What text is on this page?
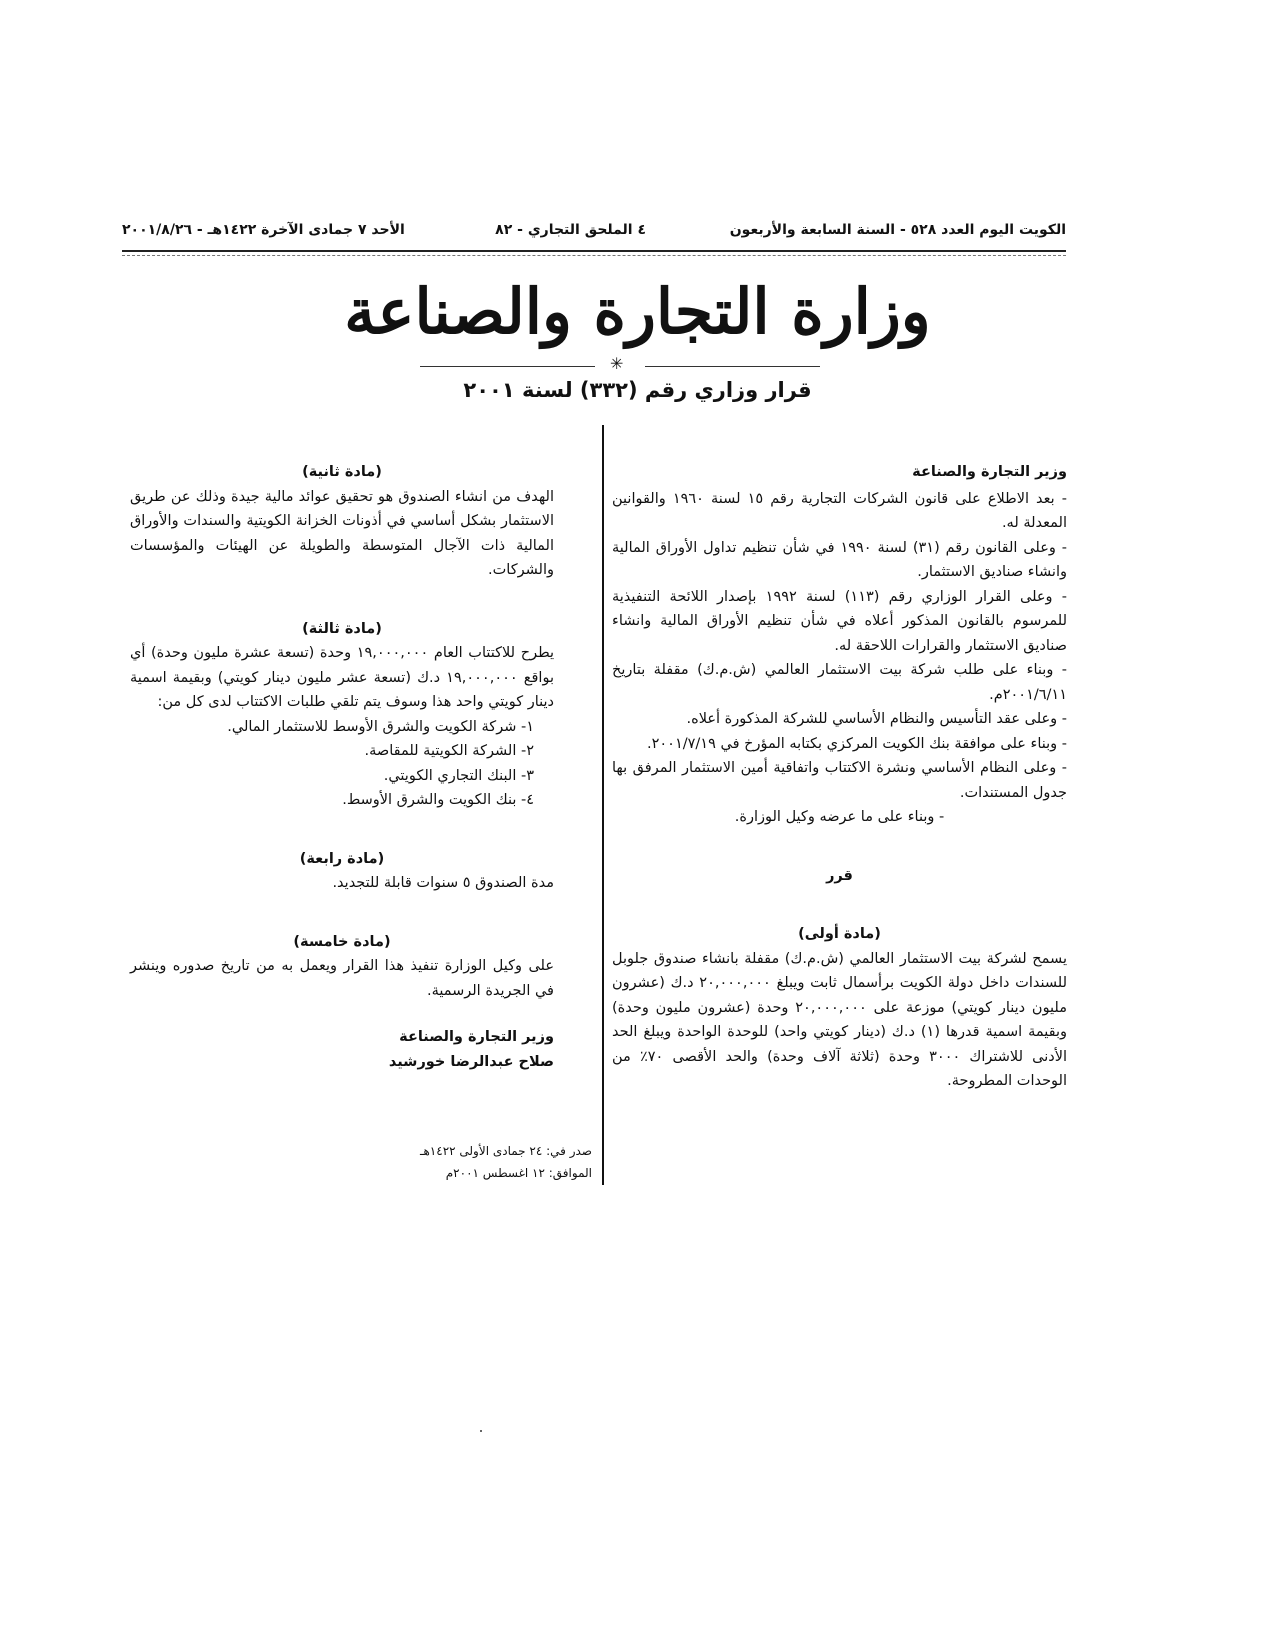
الكويت اليوم العدد ٥٢٨ - السنة السابعة والأربعون
٤ الملحق التجاري - ٨٢
الأحد ٧ جمادى الآخرة ١٤٢٢هـ - ٢٠٠١/٨/٢٦
وزارة التجارة والصناعة
✳
قرار وزاري رقم (٣٣٢) لسنة ٢٠٠١

وزير التجارة والصناعة

- بعد الاطلاع على قانون الشركات التجارية رقم ١٥ لسنة ١٩٦٠ والقوانين المعدلة له.

- وعلى القانون رقم (٣١) لسنة ١٩٩٠ في شأن تنظيم تداول الأوراق المالية وانشاء صناديق الاستثمار.

- وعلى القرار الوزاري رقم (١١٣) لسنة ١٩٩٢ بإصدار اللائحة التنفيذية للمرسوم بالقانون المذكور أعلاه في شأن تنظيم الأوراق المالية وانشاء صناديق الاستثمار والقرارات اللاحقة له.

- وبناء على طلب شركة بيت الاستثمار العالمي (ش.م.ك) مقفلة بتاريخ ٢٠٠١/٦/١١م.

- وعلى عقد التأسيس والنظام الأساسي للشركة المذكورة أعلاه.

- وبناء على موافقة بنك الكويت المركزي بكتابه المؤرخ في ٢٠٠١/٧/١٩.

- وعلى النظام الأساسي ونشرة الاكتتاب واتفاقية أمين الاستثمار المرفق بها جدول المستندات.

- وبناء على ما عرضه وكيل الوزارة.

قرر

(مادة أولى)

يسمح لشركة بيت الاستثمار العالمي (ش.م.ك) مقفلة بانشاء صندوق جلوبل للسندات داخل دولة الكويت برأسمال ثابت ويبلغ ٢٠,٠٠٠,٠٠٠ د.ك (عشرون مليون دينار كويتي) موزعة على ٢٠,٠٠٠,٠٠٠ وحدة (عشرون مليون وحدة) وبقيمة اسمية قدرها (١) د.ك (دينار كويتي واحد) للوحدة الواحدة ويبلغ الحد الأدنى للاشتراك ٣٠٠٠ وحدة (ثلاثة آلاف وحدة) والحد الأقصى ٧٠٪ من الوحدات المطروحة.

(مادة ثانية)

الهدف من انشاء الصندوق هو تحقيق عوائد مالية جيدة وذلك عن طريق الاستثمار بشكل أساسي في أذونات الخزانة الكويتية والسندات والأوراق المالية ذات الآجال المتوسطة والطويلة عن الهيئات والمؤسسات والشركات.

(مادة ثالثة)

يطرح للاكتتاب العام ١٩,٠٠٠,٠٠٠ وحدة (تسعة عشرة مليون وحدة) أي بواقع ١٩,٠٠٠,٠٠٠ د.ك (تسعة عشر مليون دينار كويتي) وبقيمة اسمية دينار كويتي واحد هذا وسوف يتم تلقي طلبات الاكتتاب لدى كل من:

١- شركة الكويت والشرق الأوسط للاستثمار المالي.

٢- الشركة الكويتية للمقاصة.

٣- البنك التجاري الكويتي.

٤- بنك الكويت والشرق الأوسط.

(مادة رابعة)

مدة الصندوق ٥ سنوات قابلة للتجديد.

(مادة خامسة)

على وكيل الوزارة تنفيذ هذا القرار ويعمل به من تاريخ صدوره وينشر في الجريدة الرسمية.

وزير التجارة والصناعة

صلاح عبدالرضا خورشيد

صدر في: ٢٤ جمادى الأولى ١٤٢٢هـ
الموافق: ١٢ اغسطس ٢٠٠١م
